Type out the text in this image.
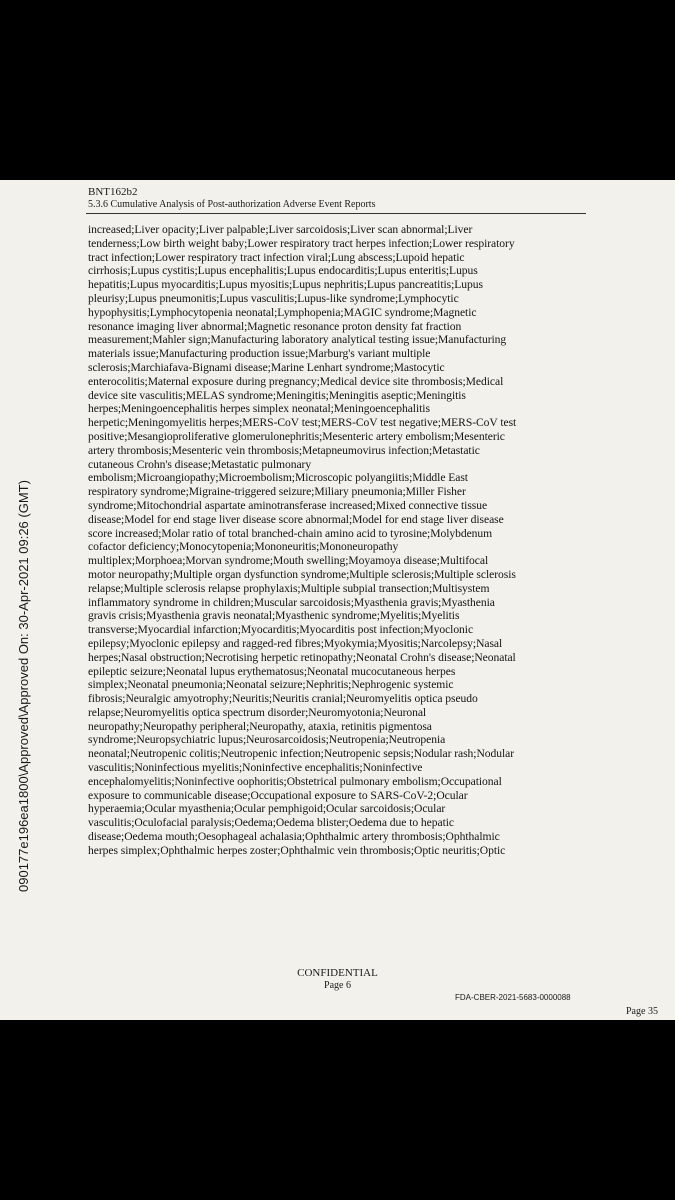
BNT162b2
5.3.6 Cumulative Analysis of Post-authorization Adverse Event Reports
increased;Liver opacity;Liver palpable;Liver sarcoidosis;Liver scan abnormal;Liver
tenderness;Low birth weight baby;Lower respiratory tract herpes infection;Lower respiratory
tract infection;Lower respiratory tract infection viral;Lung abscess;Lupoid hepatic
cirrhosis;Lupus cystitis;Lupus encephalitis;Lupus endocarditis;Lupus enteritis;Lupus
hepatitis;Lupus myocarditis;Lupus myositis;Lupus nephritis;Lupus pancreatitis;Lupus
pleurisy;Lupus pneumonitis;Lupus vasculitis;Lupus-like syndrome;Lymphocytic
hypophysitis;Lymphocytopenia neonatal;Lymphopenia;MAGIC syndrome;Magnetic
resonance imaging liver abnormal;Magnetic resonance proton density fat fraction
measurement;Mahler sign;Manufacturing laboratory analytical testing issue;Manufacturing
materials issue;Manufacturing production issue;Marburg's variant multiple
sclerosis;Marchiafava-Bignami disease;Marine Lenhart syndrome;Mastocytic
enterocolitis;Maternal exposure during pregnancy;Medical device site thrombosis;Medical
device site vasculitis;MELAS syndrome;Meningitis;Meningitis aseptic;Meningitis
herpes;Meningoencephalitis herpes simplex neonatal;Meningoencephalitis
herpetic;Meningomyelitis herpes;MERS-CoV test;MERS-CoV test negative;MERS-CoV test
positive;Mesangioproliferative glomerulonephritis;Mesenteric artery embolism;Mesenteric
artery thrombosis;Mesenteric vein thrombosis;Metapneumovirus infection;Metastatic
cutaneous Crohn's disease;Metastatic pulmonary
embolism;Microangiopathy;Microembolism;Microscopic polyangiitis;Middle East
respiratory syndrome;Migraine-triggered seizure;Miliary pneumonia;Miller Fisher
syndrome;Mitochondrial aspartate aminotransferase increased;Mixed connective tissue
disease;Model for end stage liver disease score abnormal;Model for end stage liver disease
score increased;Molar ratio of total branched-chain amino acid to tyrosine;Molybdenum
cofactor deficiency;Monocytopenia;Mononeuritis;Mononeuropathy
multiplex;Morphoea;Morvan syndrome;Mouth swelling;Moyamoya disease;Multifocal
motor neuropathy;Multiple organ dysfunction syndrome;Multiple sclerosis;Multiple sclerosis
relapse;Multiple sclerosis relapse prophylaxis;Multiple subpial transection;Multisystem
inflammatory syndrome in children;Muscular sarcoidosis;Myasthenia gravis;Myasthenia
gravis crisis;Myasthenia gravis neonatal;Myasthenic syndrome;Myelitis;Myelitis
transverse;Myocardial infarction;Myocarditis;Myocarditis post infection;Myoclonic
epilepsy;Myoclonic epilepsy and ragged-red fibres;Myokymia;Myositis;Narcolepsy;Nasal
herpes;Nasal obstruction;Necrotising herpetic retinopathy;Neonatal Crohn's disease;Neonatal
epileptic seizure;Neonatal lupus erythematosus;Neonatal mucocutaneous herpes
simplex;Neonatal pneumonia;Neonatal seizure;Nephritis;Nephrogenic systemic
fibrosis;Neuralgic amyotrophy;Neuritis;Neuritis cranial;Neuromyelitis optica pseudo
relapse;Neuromyelitis optica spectrum disorder;Neuromyotonia;Neuronal
neuropathy;Neuropathy peripheral;Neuropathy, ataxia, retinitis pigmentosa
syndrome;Neuropsychiatric lupus;Neurosarcoidosis;Neutropenia;Neutropenia
neonatal;Neutropenic colitis;Neutropenic infection;Neutropenic sepsis;Nodular rash;Nodular
vasculitis;Noninfectious myelitis;Noninfective encephalitis;Noninfective
encephalomyelitis;Noninfective oophoritis;Obstetrical pulmonary embolism;Occupational
exposure to communicable disease;Occupational exposure to SARS-CoV-2;Ocular
hyperaemia;Ocular myasthenia;Ocular pemphigoid;Ocular sarcoidosis;Ocular
vasculitis;Oculofacial paralysis;Oedema;Oedema blister;Oedema due to hepatic
disease;Oedema mouth;Oesophageal achalasia;Ophthalmic artery thrombosis;Ophthalmic
herpes simplex;Ophthalmic herpes zoster;Ophthalmic vein thrombosis;Optic neuritis;Optic
090177e196ea1800\Approved\Approved On: 30-Apr-2021 09:26 (GMT)
CONFIDENTIAL
Page 6
FDA-CBER-2021-5683-0000088
Page 35
